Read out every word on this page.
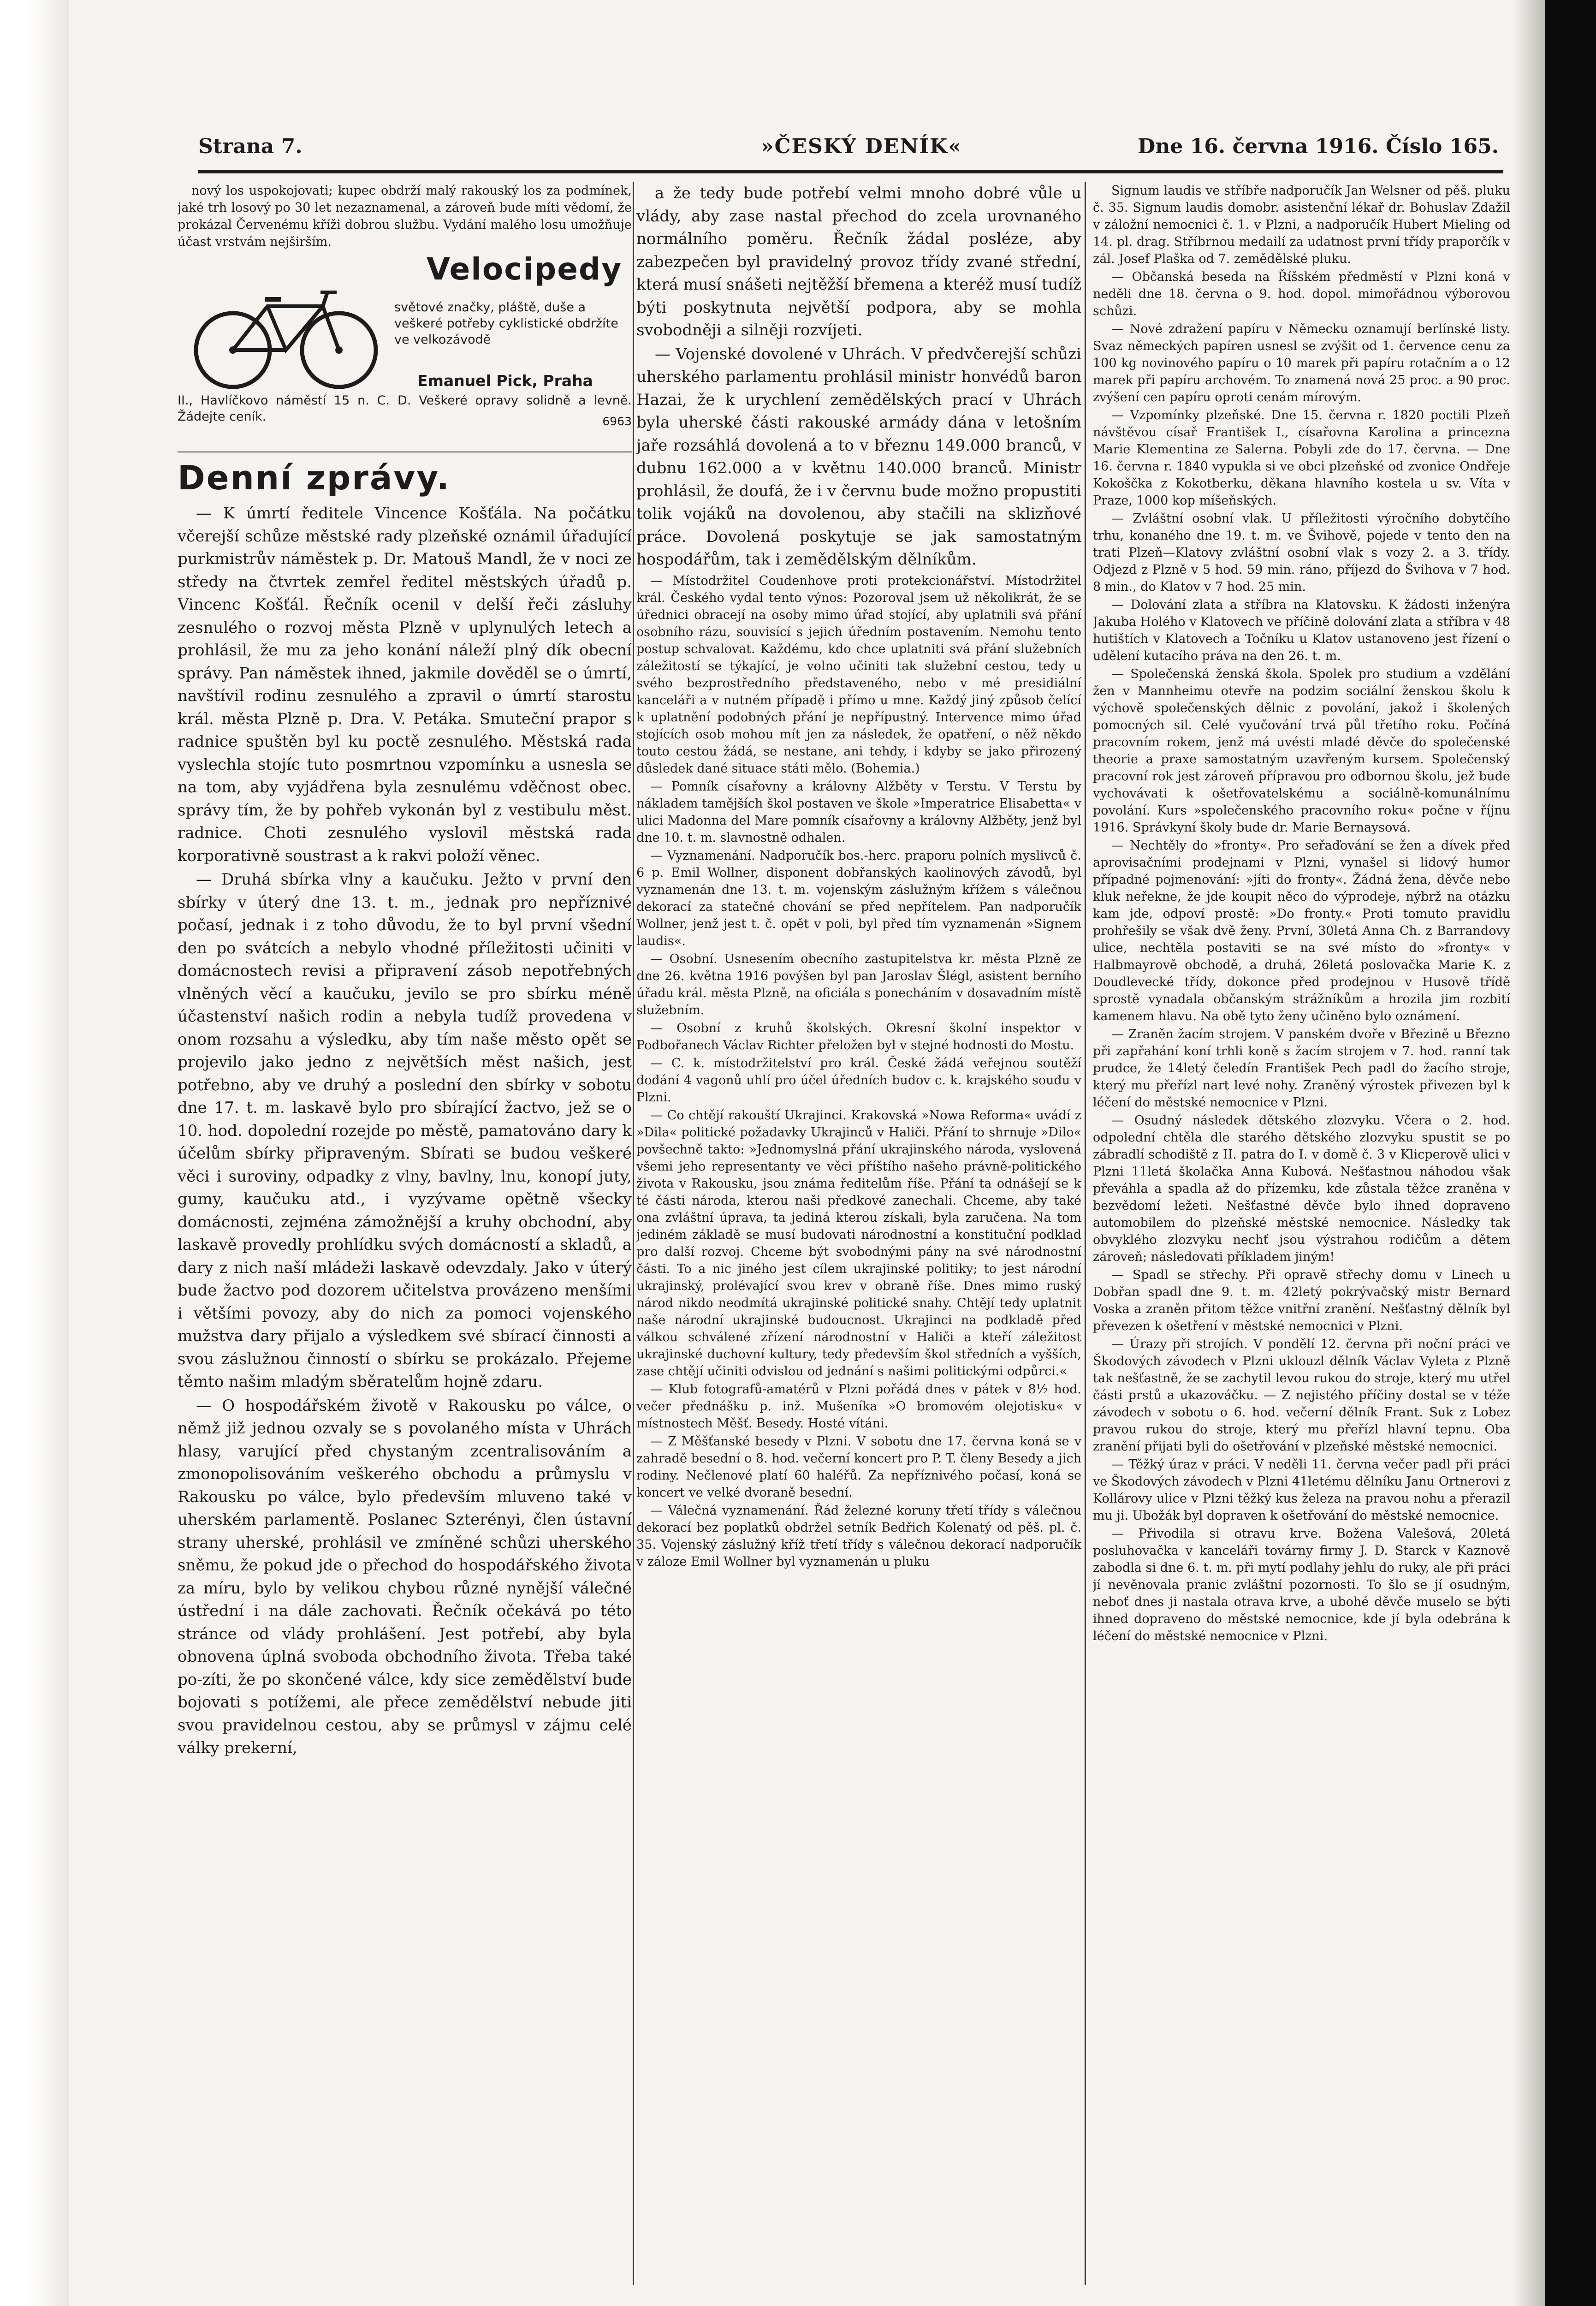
Strana 7.	»ČESKÝ DENÍK«	Dne 16. června 1916. Číslo 165.

nový los uspokojovati; kupec obdrží malý rakouský los za podmínek, jaké trh losový po 30 let nezaznamenal, a zároveň bude míti vědomí, že prokázal Červenému kříži dobrou službu. Vydání malého losu umožňuje účast vrstvám nejširším.

Velocipedy
světové značky, pláště, duše a veškeré potřeby cyklistické obdržíte ve velkozávodě
Emanuel Pick, Praha
II., Havlíčkovo náměstí 15 n. C. D. Veškeré opravy solidně a levně. Žádejte ceník.	6963
Denní zprávy.

— K úmrtí ředitele Vincence Košťála. Na počátku včerejší schůze městské rady plzeňské oznámil úřadující purkmistrův náměstek p. Dr. Matouš Mandl, že v noci ze středy na čtvrtek zemřel ředitel městských úřadů p. Vincenc Košťál. Řečník ocenil v delší řeči zásluhy zesnulého o rozvoj města Plzně v uplynulých letech a prohlásil, že mu za jeho konání náleží plný dík obecní správy. Pan náměstek ihned, jakmile dověděl se o úmrtí, navštívil rodinu zesnulého a zpravil o úmrtí starostu král. města Plzně p. Dra. V. Petáka. Smuteční prapor s radnice spuštěn byl ku poctě zesnulého. Městská rada vyslechla stojíc tuto posmrtnou vzpomínku a usnesla se na tom, aby vyjádřena byla zesnulému vděčnost obec. správy tím, že by pohřeb vykonán byl z vestibulu měst. radnice. Choti zesnulého vyslovil městská rada korporativně soustrast a k rakvi položí věnec.

— Druhá sbírka vlny a kaučuku. Ježto v první den sbírky v úterý dne 13. t. m., jednak pro nepříznivé počasí, jednak i z toho důvodu, že to byl první všední den po svátcích a nebylo vhodné příležitosti učiniti v domácnostech revisi a připravení zásob nepotřebných vlněných věcí a kaučuku, jevilo se pro sbírku méně účastenství našich rodin a nebyla tudíž provedena v onom rozsahu a výsledku, aby tím naše město opět se projevilo jako jedno z největších měst našich, jest potřebno, aby ve druhý a poslední den sbírky v sobotu dne 17. t. m. laskavě bylo pro sbírající žactvo, jež se o 10. hod. dopolední rozejde po městě, pamatováno dary k účelům sbírky připraveným. Sbírati se budou veškeré věci i suroviny, odpadky z vlny, bavlny, lnu, konopí juty, gumy, kaučuku atd., i vyzývame opětně všecky domácnosti, zejména zámožnější a kruhy obchodní, aby laskavě provedly prohlídku svých domácností a skladů, a dary z nich naší mládeži laskavě odevzdaly. Jako v úterý bude žactvo pod dozorem učitelstva provázeno menšími i většími povozy, aby do nich za pomoci vojenského mužstva dary přijalo a výsledkem své sbírací činnosti a svou záslužnou činností o sbírku se prokázalo. Přejeme těmto našim mladým sběratelům hojně zdaru.

— O hospodářském životě v Rakousku po válce, o němž již jednou ozvaly se s povolaného místa v Uhrách hlasy, varující před chystaným zcentralisováním a zmonopolisováním veškerého obchodu a průmyslu v Rakousku po válce, bylo především mluveno také v uherském parlamentě. Poslanec Szterényi, člen ústavní strany uherské, prohlásil ve zmíněné schůzi uherského sněmu, že pokud jde o přechod do hospodářského života za míru, bylo by velikou chybou různé nynější válečné ústřední i na dále zachovati. Řečník očekává po této stránce od vlády prohlášení. Jest potřebí, aby byla obnovena úplná svoboda obchodního života. Třeba také po-zíti, že po skončené válce, kdy sice zemědělství bude bojovati s potížemi, ale přece zemědělství nebude jiti svou pravidelnou cestou, aby se průmysl v zájmu celé války prekerní,

a že tedy bude potřebí velmi mnoho dobré vůle u vlády, aby zase nastal přechod do zcela urovnaného normálního poměru. Řečník žádal posléze, aby zabezpečen byl pravidelný provoz třídy zvané střední, která musí snášeti nejtěžší břemena a kteréž musí tudíž býti poskytnuta největší podpora, aby se mohla svobodněji a silněji rozvíjeti.

— Vojenské dovolené v Uhrách. V předvčerejší schůzi uherského parlamentu prohlásil ministr honvédů baron Hazai, že k urychlení zemědělských prací v Uhrách byla uherské části rakouské armády dána v letošním jaře rozsáhlá dovolená a to v březnu 149.000 branců, v dubnu 162.000 a v květnu 140.000 branců. Ministr prohlásil, že doufá, že i v červnu bude možno propustiti tolik vojáků na dovolenou, aby stačili na sklizňové práce. Dovolená poskytuje se jak samostatným hospodářům, tak i zemědělským dělníkům.

— Místodržitel Coudenhove proti protekcionářství. Místodržitel král. Českého vydal tento výnos: Pozoroval jsem už několikrát, že se úřednici obracejí na osoby mimo úřad stojící, aby uplatnili svá přání osobního rázu, souvisící s jejich úředním postavením. Nemohu tento postup schvalovat. Každému, kdo chce uplatniti svá přání služebních záležitostí se týkající, je volno učiniti tak služební cestou, tedy u svého bezprostředního představeného, nebo v mé presidiální kanceláři a v nutném případě i přímo u mne. Každý jiný způsob čelící k uplatnění podobných přání je nepřípustný. Intervence mimo úřad stojících osob mohou mít jen za následek, že opatření, o něž někdo touto cestou žádá, se nestane, ani tehdy, i kdyby se jako přirozený důsledek dané situace státi mělo. (Bohemia.)

— Pomník císařovny a královny Alžběty v Terstu. V Terstu by nákladem tamějších škol postaven ve škole »Imperatrice Elisabetta« v ulici Madonna del Mare pomník císařovny a královny Alžběty, jenž byl dne 10. t. m. slavnostně odhalen.

— Vyznamenání. Nadporučík bos.-herc. praporu polních myslivců č. 6 p. Emil Wollner, disponent dobřanských kaolinových závodů, byl vyznamenán dne 13. t. m. vojenským záslužným křížem s válečnou dekorací za statečné chování se před nepřítelem. Pan nadporučík Wollner, jenž jest t. č. opět v poli, byl před tím vyznamenán »Signem laudis«.

— Osobní. Usnesením obecního zastupitelstva kr. města Plzně ze dne 26. května 1916 povýšen byl pan Jaroslav Šlégl, asistent berního úřadu král. města Plzně, na oficiála s ponecháním v dosavadním místě služebním.

— Osobní z kruhů školských. Okresní školní inspektor v Podbořanech Václav Richter přeložen byl v stejné hodnosti do Mostu.

— C. k. místodržitelství pro král. České žádá veřejnou soutěží dodání 4 vagonů uhlí pro účel úředních budov c. k. krajského soudu v Plzni.

— Co chtějí rakouští Ukrajinci. Krakovská »Nowa Reforma« uvádí z »Dila« politické požadavky Ukrajinců v Haliči. Přání to shrnuje »Dilo« povšechně takto: »Jednomyslná přání ukrajinského národa, vyslovená všemi jeho representanty ve věci příštího našeho právně-politického života v Rakousku, jsou známa ředitelům říše. Přání ta odnášejí se k té části národa, kterou naši předkové zanechali. Chceme, aby také ona zvláštní úprava, ta jediná kterou získali, byla zaručena. Na tom jediném základě se musí budovati národnostní a konstituční podklad pro další rozvoj. Chceme být svobodnými pány na své národnostní části. To a nic jiného jest cílem ukrajinské politiky; to jest národní ukrajinský, prolévající svou krev v obraně říše. Dnes mimo ruský národ nikdo neodmítá ukrajinské politické snahy. Chtějí tedy uplatnit naše národní ukrajinské budoucnost. Ukrajinci na podkladě před válkou schválené zřízení národnostní v Haliči a kteří záležitost ukrajinské duchovní kultury, tedy především škol středních a vyšších, zase chtějí učiniti odvislou od jednání s našimi politickými odpůrci.«

— Klub fotografů-amatérů v Plzni pořádá dnes v pátek v 8½ hod. večer přednášku p. inž. Mušeníka »O bromovém olejotisku« v místnostech Měšť. Besedy. Hosté vítáni.

— Z Měšťanské besedy v Plzni. V sobotu dne 17. června koná se v zahradě besední o 8. hod. večerní koncert pro P. T. členy Besedy a jich rodiny. Nečlenové platí 60 haléřů. Za nepříznivého počasí, koná se koncert ve velké dvoraně besední.

— Válečná vyznamenání. Řád železné koruny třetí třídy s válečnou dekorací bez poplatků obdržel setník Bedřich Kolenatý od pěš. pl. č. 35. Vojenský záslužný kříž třetí třídy s válečnou dekorací nadporučík v záloze Emil Wollner byl vyznamenán u pluku

Signum laudis ve stříbře nadporučík Jan Welsner od pěš. pluku č. 35. Signum laudis domobr. asistenční lékař dr. Bohuslav Zdažil v záložní nemocnici č. 1. v Plzni, a nadporučík Hubert Mieling od 14. pl. drag. Stříbrnou medailí za udatnost první třídy praporčík v zál. Josef Plaška od 7. zemědělské pluku.

— Občanská beseda na Říšském předměstí v Plzni koná v neděli dne 18. června o 9. hod. dopol. mimořádnou výborovou schůzi.

— Nové zdražení papíru v Německu oznamují berlínské listy. Svaz německých papíren usnesl se zvýšit od 1. července cenu za 100 kg novinového papíru o 10 marek při papíru rotačním a o 12 marek při papíru archovém. To znamená nová 25 proc. a 90 proc. zvýšení cen papíru oproti cenám mírovým.

— Vzpomínky plzeňské. Dne 15. června r. 1820 poctili Plzeň návštěvou císař František I., císařovna Karolina a princezna Marie Klementina ze Salerna. Pobyli zde do 17. června. — Dne 16. června r. 1840 vypukla si ve obci plzeňské od zvonice Ondřeje Kokoščka z Kokotberku, děkana hlavního kostela u sv. Víta v Praze, 1000 kop míšeňských.

— Zvláštní osobní vlak. U příležitosti výročního dobytčího trhu, konaného dne 19. t. m. ve Švihově, pojede v tento den na trati Plzeň—Klatovy zvláštní osobní vlak s vozy 2. a 3. třídy. Odjezd z Plzně v 5 hod. 59 min. ráno, příjezd do Švihova v 7 hod. 8 min., do Klatov v 7 hod. 25 min.

— Dolování zlata a stříbra na Klatovsku. K žádosti inženýra Jakuba Holého v Klatovech ve příčině dolování zlata a stříbra v 48 hutištích v Klatovech a Točníku u Klatov ustanoveno jest řízení o udělení kutacího práva na den 26. t. m.

— Společenská ženská škola. Spolek pro studium a vzdělání žen v Mannheimu otevře na podzim sociální ženskou školu k výchově společenských dělnic z povolání, jakož i školených pomocných sil. Celé vyučování trvá půl třetího roku. Počíná pracovním rokem, jenž má uvésti mladé děvče do společenské theorie a praxe samostatným uzavřeným kursem. Společenský pracovní rok jest zároveň přípravou pro odbornou školu, jež bude vychovávati k ošetřovatelskému a sociálně-komunálnímu povolání. Kurs »společenského pracovního roku« počne v říjnu 1916. Správkyní školy bude dr. Marie Bernaysová.

— Nechtěly do »fronty«. Pro seřaďování se žen a dívek před aprovisačními prodejnami v Plzni, vynašel si lidový humor případné pojmenování: »jíti do fronty«. Žádná žena, děvče nebo kluk neřekne, že jde koupit něco do výprodeje, nýbrž na otázku kam jde, odpoví prostě: »Do fronty.« Proti tomuto pravidlu prohřešily se však dvě ženy. První, 30letá Anna Ch. z Barrandovy ulice, nechtěla postaviti se na své místo do »fronty« v Halbmayrově obchodě, a druhá, 26letá poslovačka Marie K. z Doudlevecké třídy, dokonce před prodejnou v Husově třídě sprostě vynadala občanským strážníkům a hrozila jim rozbití kamenem hlavu. Na obě tyto ženy učiněno bylo oznámení.

— Zraněn žacím strojem. V panském dvoře v Březině u Březno při zapřahání koní trhli koně s žacím strojem v 7. hod. ranní tak prudce, že 14letý čeledín František Pech padl do žacího stroje, který mu přeřízl nart levé nohy. Zraněný výrostek přivezen byl k léčení do městské nemocnice v Plzni.

— Osudný následek dětského zlozvyku. Včera o 2. hod. odpolední chtěla dle starého dětského zlozvyku spustit se po zábradlí schodiště z II. patra do I. v domě č. 3 v Klicperově ulici v Plzni 11letá školačka Anna Kubová. Nešťastnou náhodou však převáhla a spadla až do přízemku, kde zůstala těžce zraněna v bezvědomí ležeti. Nešťastné děvče bylo ihned dopraveno automobilem do plzeňské městské nemocnice. Následky tak obvyklého zlozvyku nechť jsou výstrahou rodičům a dětem zároveň; následovati příkladem jiným!

— Spadl se střechy. Při opravě střechy domu v Linech u Dobřan spadl dne 9. t. m. 42letý pokrývačský mistr Bernard Voska a zraněn přitom těžce vnitřní zranění. Nešťastný dělník byl převezen k ošetření v městské nemocnici v Plzni.

— Úrazy při strojích. V pondělí 12. června při noční práci ve Škodových závodech v Plzni uklouzl dělník Václav Vyleta z Plzně tak nešťastně, že se zachytil levou rukou do stroje, který mu utřel části prstů a ukazováčku. — Z nejistého příčiny dostal se v téže závodech v sobotu o 6. hod. večerní dělník Frant. Suk z Lobez pravou rukou do stroje, který mu přeřízl hlavní tepnu. Oba zranění přijati byli do ošetřování v plzeňské městské nemocnici.

— Těžký úraz v práci. V neděli 11. června večer padl při práci ve Škodových závodech v Plzni 41letému dělníku Janu Ortnerovi z Kollárovy ulice v Plzni těžký kus železa na pravou nohu a přerazil mu ji. Ubožák byl dopraven k ošetřování do městské nemocnice.

— Přivodila si otravu krve. Božena Valešová, 20letá posluhovačka v kanceláři továrny firmy J. D. Starck v Kaznově zabodla si dne 6. t. m. při mytí podlahy jehlu do ruky, ale při práci jí nevěnovala pranic zvláštní pozornosti. To šlo se jí osudným, neboť dnes ji nastala otrava krve, a ubohé děvče muselo se býti ihned dopraveno do městské nemocnice, kde jí byla odebrána k léčení do městské nemocnice v Plzni.
